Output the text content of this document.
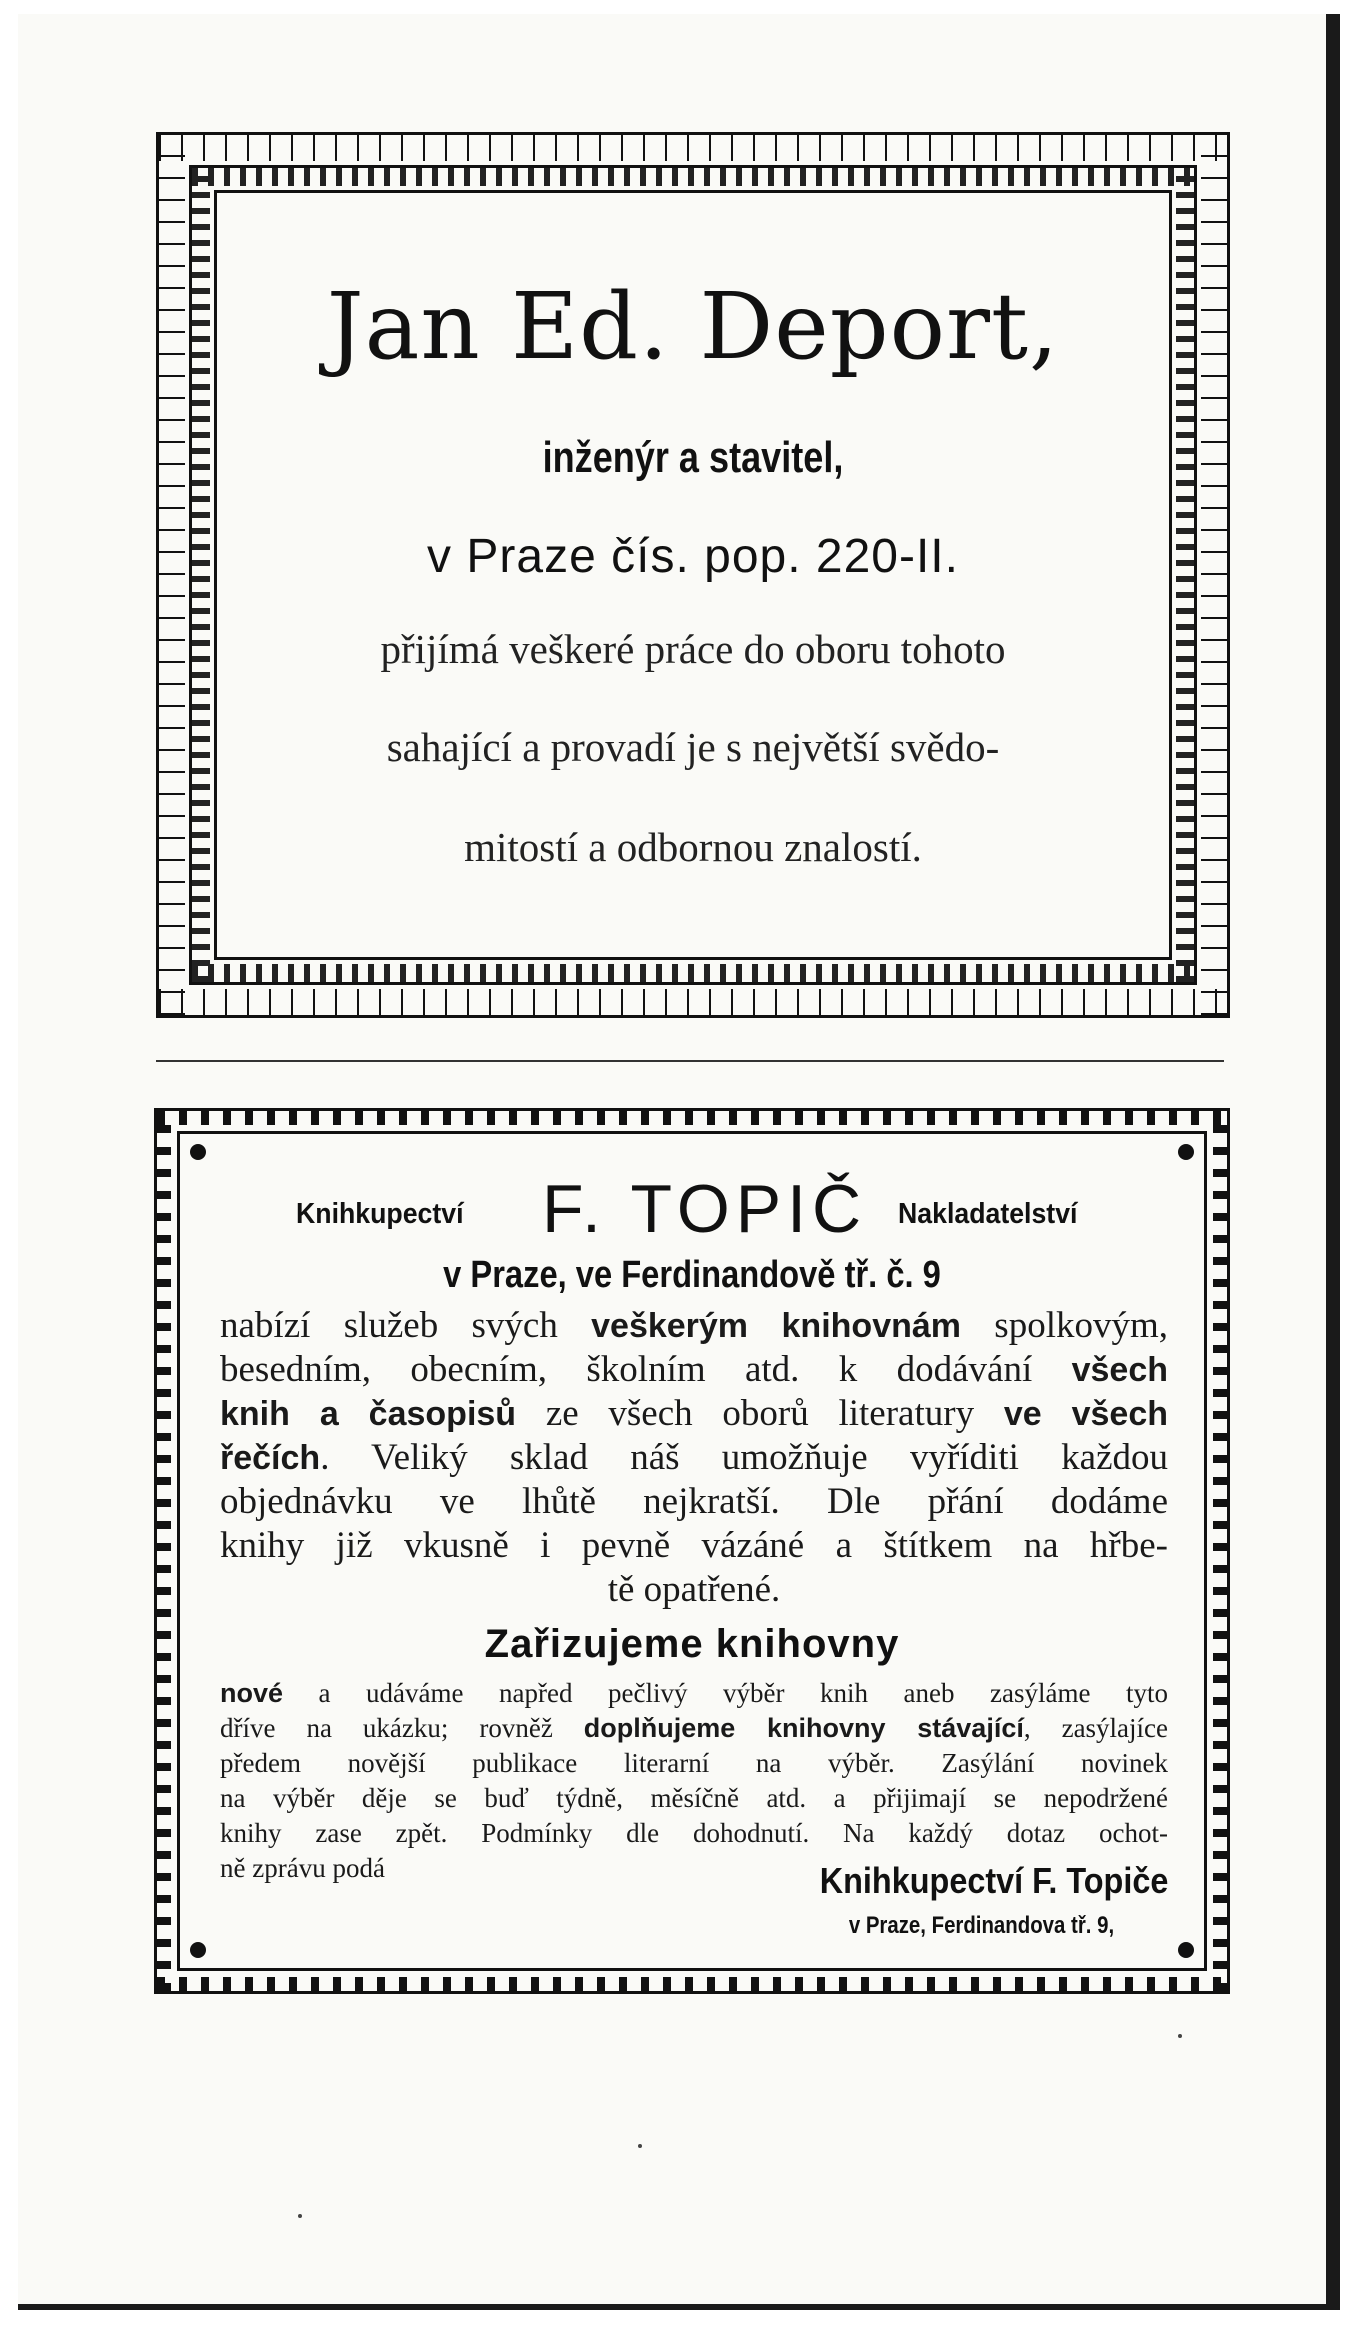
Jan Ed. Deport,
inženýr a stavitel,
v Praze čís. pop. 220-II.
přijímá veškeré práce do oboru tohoto
sahající a provadí je s největší svědo-
mitostí a odbornou znalostí.
Knihkupectví F. TOPIČ Nakladatelství
v Praze, ve Ferdinandově tř. č. 9
nabízí služeb svých veškerým knihovnám spolkovým,
besedním, obecním, školním atd. k dodávání všech
knih a časopisů ze všech oborů literatury ve všech
řečích. Veliký sklad náš umožňuje vyříditi každou
objednávku ve lhůtě nejkratší. Dle přání dodáme
knihy již vkusně i pevně vázáné a štítkem na hřbe-
tě opatřené.
Zařizujeme knihovny
nové a udáváme napřed pečlivý výběr knih aneb zasýláme tyto
dříve na ukázku; rovněž doplňujeme knihovny stávající, zasýlajíce
předem novější publikace literarní na výběr. Zasýlání novinek
na výběr děje se buď týdně, měsíčně atd. a přijimají se nepodržené
knihy zase zpět. Podmínky dle dohodnutí. Na každý dotaz ochot-
ně zprávu podá	Knihkupectví F. Topiče
v Praze, Ferdinandova tř. 9,
